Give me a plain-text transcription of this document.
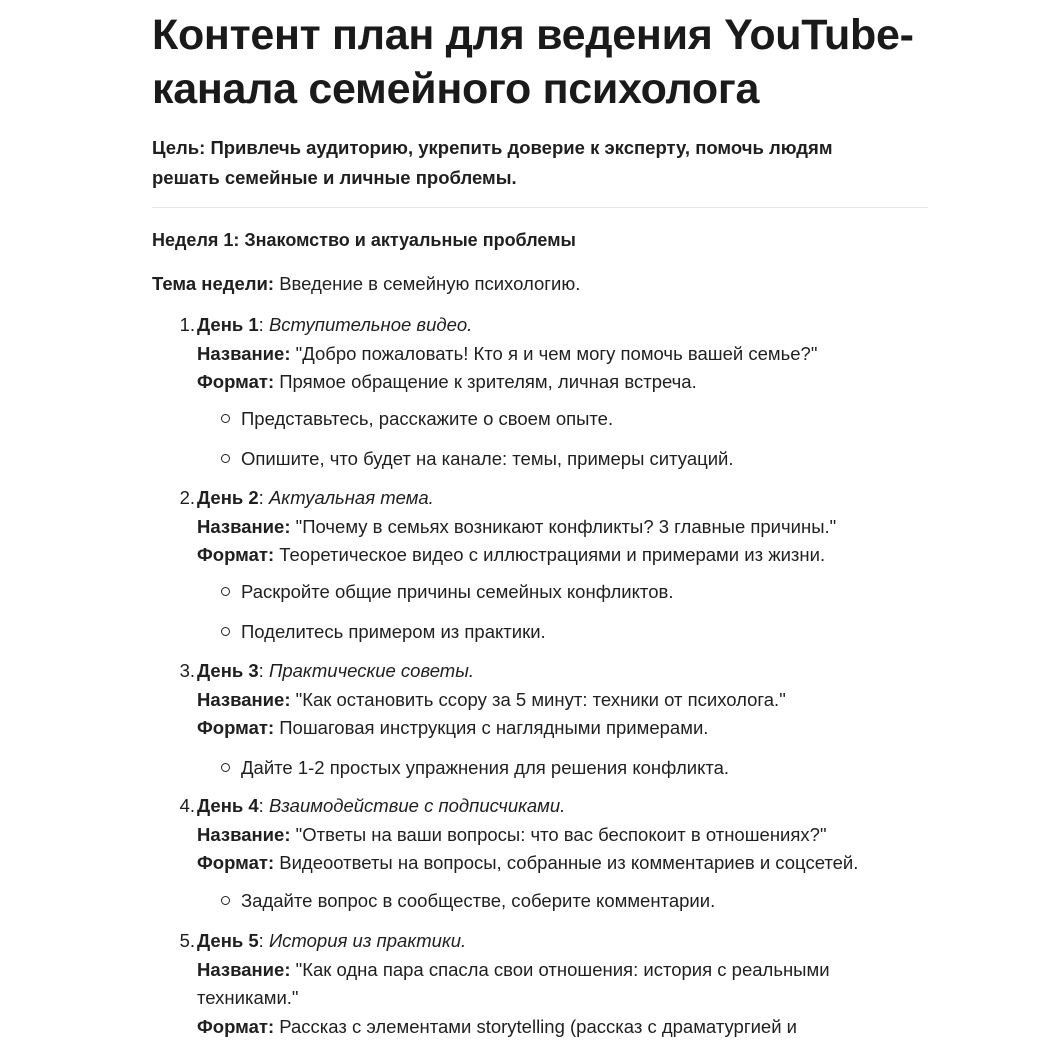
Контент план для ведения YouTube-
канала семейного психолога

Цель: Привлечь аудиторию, укрепить доверие к эксперту, помочь людям
решать семейные и личные проблемы.

Неделя 1: Знакомство и актуальные проблемы

Тема недели: Введение в семейную психологию.

1. День 1: Вступительное видео.
Название: "Добро пожаловать! Кто я и чем могу помочь вашей семье?"
Формат: Прямое обращение к зрителям, личная встреча.
Представьтесь, расскажите о своем опыте.
Опишите, что будет на канале: темы, примеры ситуаций.
2. День 2: Актуальная тема.
Название: "Почему в семьях возникают конфликты? 3 главные причины."
Формат: Теоретическое видео с иллюстрациями и примерами из жизни.
Раскройте общие причины семейных конфликтов.
Поделитесь примером из практики.
3. День 3: Практические советы.
Название: "Как остановить ссору за 5 минут: техники от психолога."
Формат: Пошаговая инструкция с наглядными примерами.
Дайте 1-2 простых упражнения для решения конфликта.
4. День 4: Взаимодействие с подписчиками.
Название: "Ответы на ваши вопросы: что вас беспокоит в отношениях?"
Формат: Видеоответы на вопросы, собранные из комментариев и соцсетей.
Задайте вопрос в сообществе, соберите комментарии.
5. День 5: История из практики.
Название: "Как одна пара спасла свои отношения: история с реальными
техниками."
Формат: Рассказ с элементами storytelling (рассказ с драматургией и
